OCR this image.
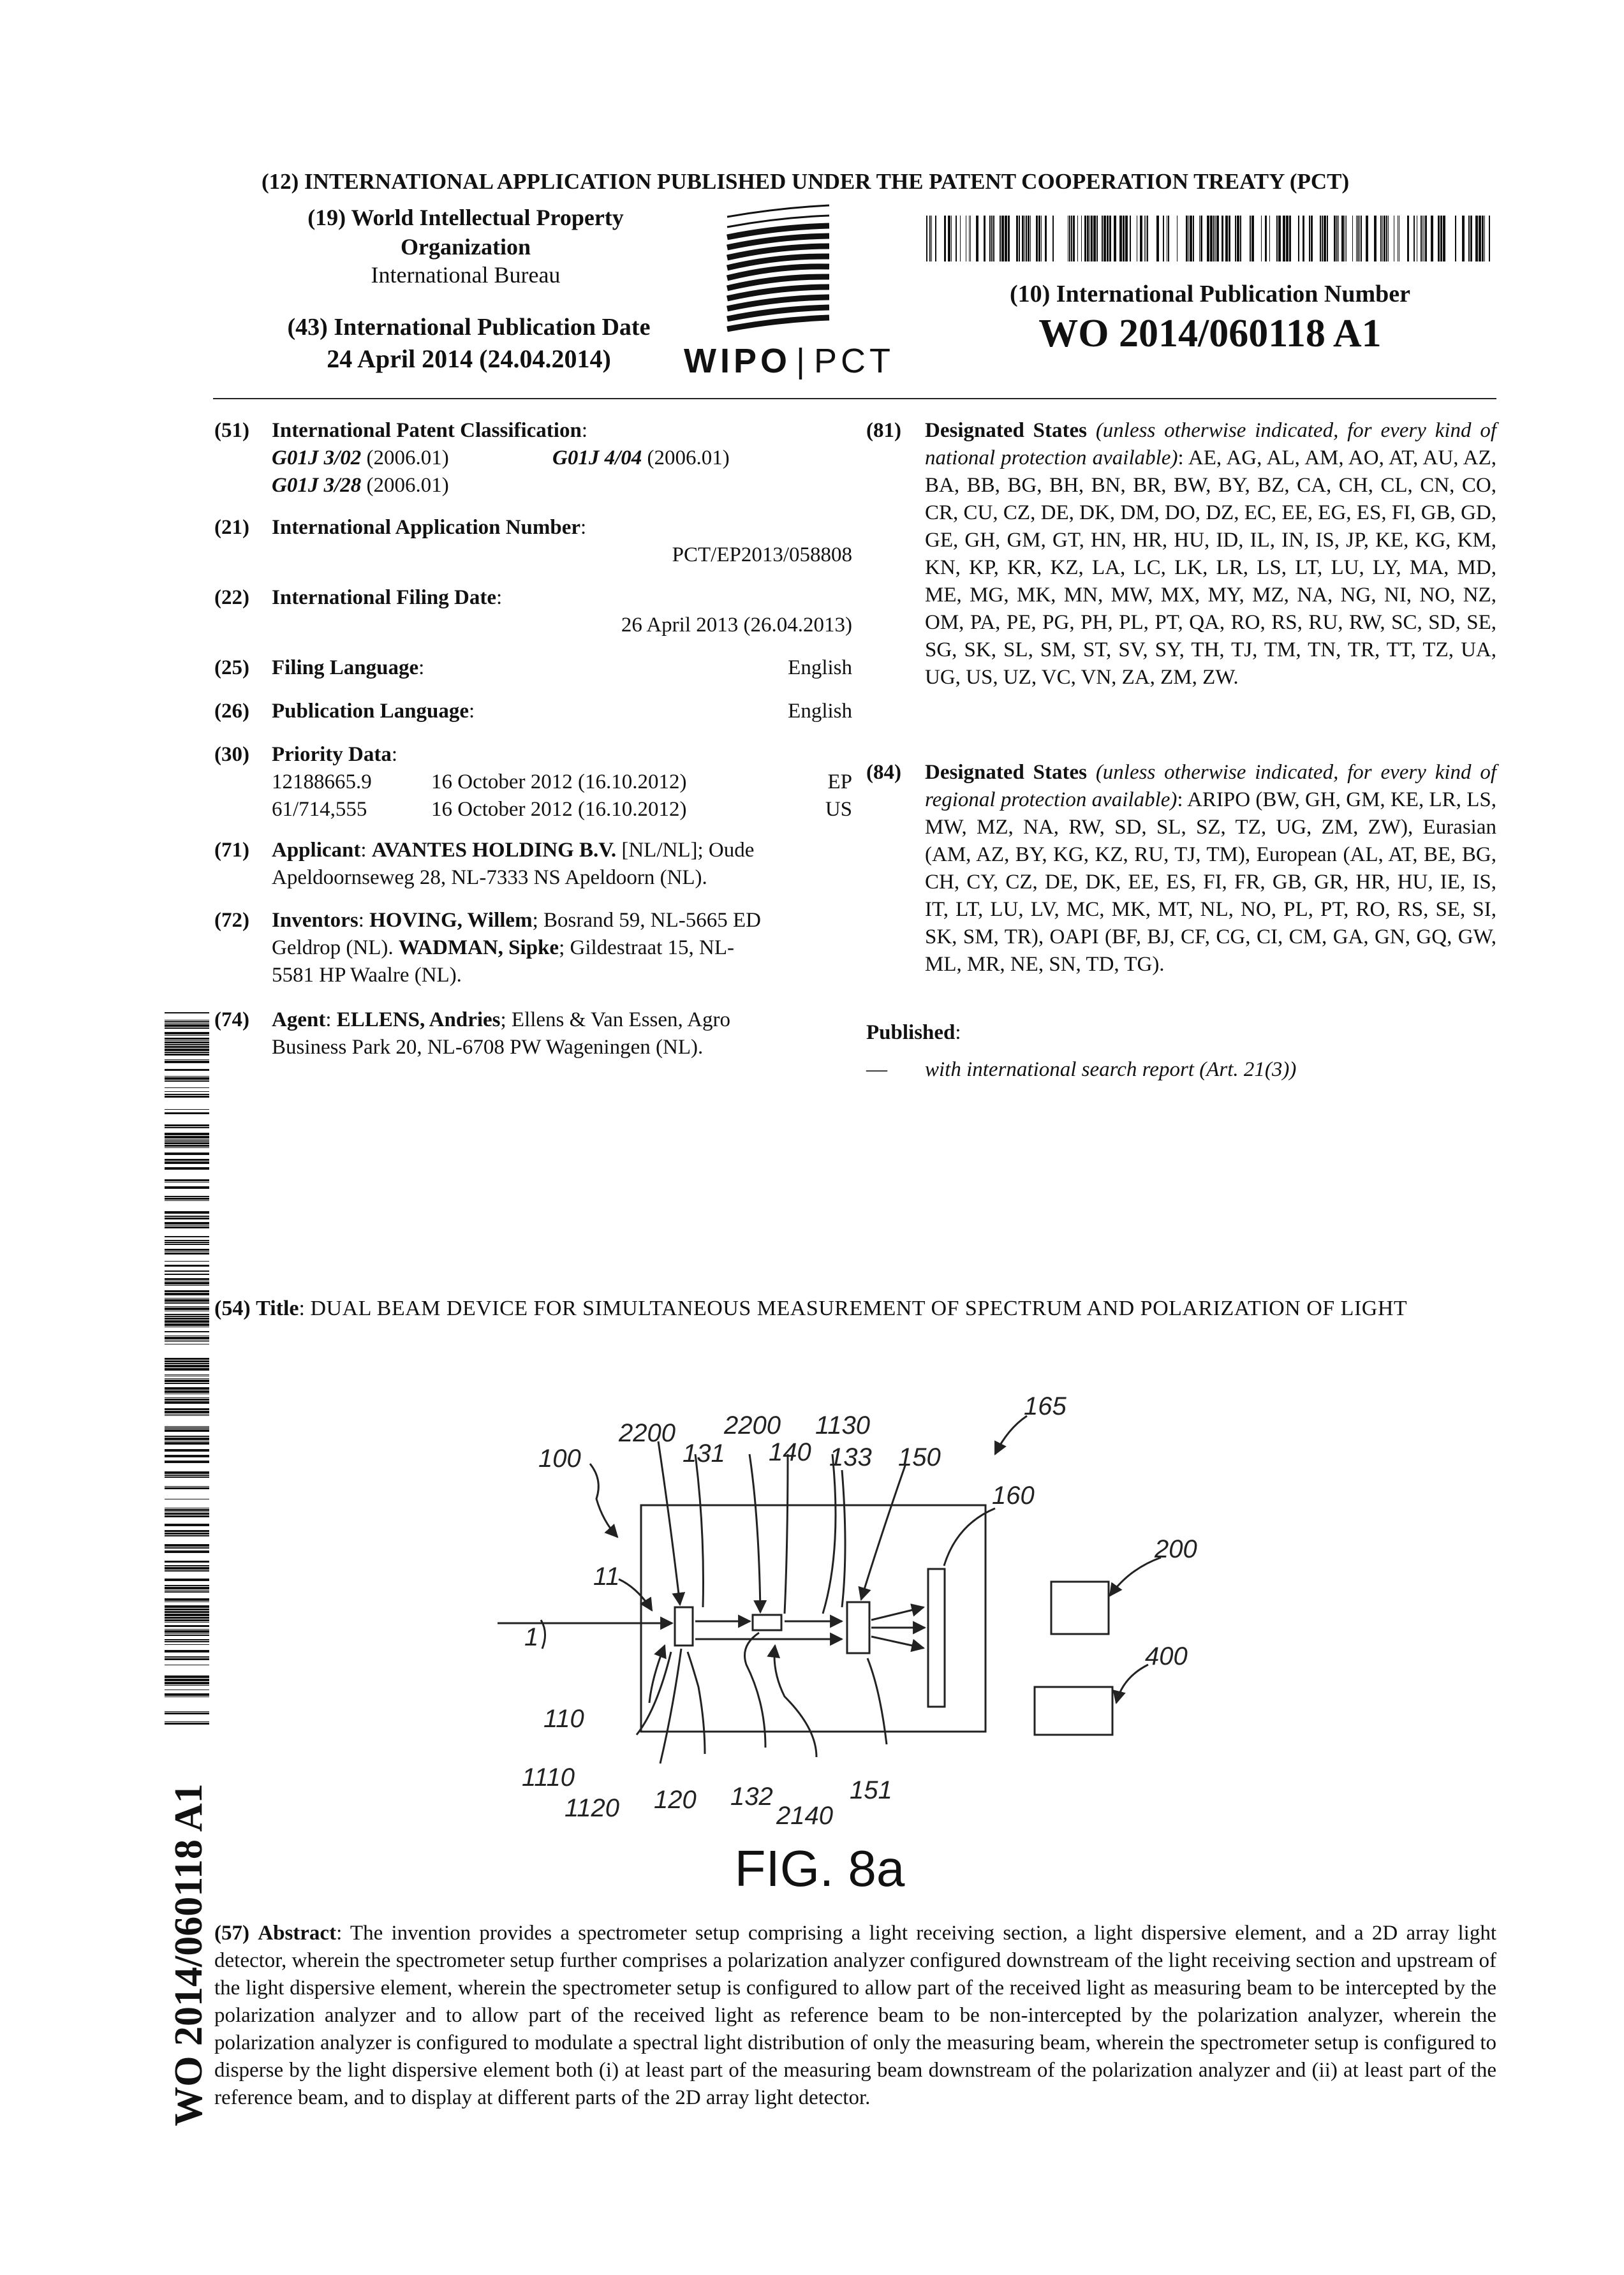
(12) INTERNATIONAL APPLICATION PUBLISHED UNDER THE PATENT COOPERATION TREATY (PCT)
(19) World Intellectual Property
Organization
International Bureau
(43) International Publication Date
24 April 2014 (24.04.2014)	WIPO | PCT
(10) International Publication Number
WO 2014/060118 A1
(51) International Patent Classification:
G01J 3/02 (2006.01)	G01J 4/04 (2006.01)
G01J 3/28 (2006.01)
(21) International Application Number:
PCT/EP2013/058808
(22) International Filing Date:
26 April 2013 (26.04.2013)
(25) Filing Language:	English
(26) Publication Language:	English
(30) Priority Data:
12188665.9	16 October 2012 (16.10.2012)	EP
61/714,555	16 October 2012 (16.10.2012)	US
(71) Applicant: AVANTES HOLDING B.V. [NL/NL]; Oude
Apeldoornseweg 28, NL-7333 NS Apeldoorn (NL).
(72) Inventors: HOVING, Willem; Bosrand 59, NL-5665 ED
Geldrop (NL). WADMAN, Sipke; Gildestraat 15, NL-
5581 HP Waalre (NL).
(74) Agent: ELLENS, Andries; Ellens & Van Essen, Agro
Business Park 20, NL-6708 PW Wageningen (NL).
(81) Designated States (unless otherwise indicated, for every kind of national protection available): AE, AG, AL, AM, AO, AT, AU, AZ, BA, BB, BG, BH, BN, BR, BW, BY, BZ, CA, CH, CL, CN, CO, CR, CU, CZ, DE, DK, DM, DO, DZ, EC, EE, EG, ES, FI, GB, GD, GE, GH, GM, GT, HN, HR, HU, ID, IL, IN, IS, JP, KE, KG, KM, KN, KP, KR, KZ, LA, LC, LK, LR, LS, LT, LU, LY, MA, MD, ME, MG, MK, MN, MW, MX, MY, MZ, NA, NG, NI, NO, NZ, OM, PA, PE, PG, PH, PL, PT, QA, RO, RS, RU, RW, SC, SD, SE, SG, SK, SL, SM, ST, SV, SY, TH, TJ, TM, TN, TR, TT, TZ, UA, UG, US, UZ, VC, VN, ZA, ZM, ZW.
(84) Designated States (unless otherwise indicated, for every kind of regional protection available): ARIPO (BW, GH, GM, KE, LR, LS, MW, MZ, NA, RW, SD, SL, SZ, TZ, UG, ZM, ZW), Eurasian (AM, AZ, BY, KG, KZ, RU, TJ, TM), European (AL, AT, BE, BG, CH, CY, CZ, DE, DK, EE, ES, FI, FR, GB, GR, HR, HU, IE, IS, IT, LT, LU, LV, MC, MK, MT, NL, NO, PL, PT, RO, RS, SE, SI, SK, SM, TR), OAPI (BF, BJ, CF, CG, CI, CM, GA, GN, GQ, GW, ML, MR, NE, SN, TD, TG).
Published:
—	with international search report (Art. 21(3))
WO 2014/060118 A1
(54) Title: DUAL BEAM DEVICE FOR SIMULTANEOUS MEASUREMENT OF SPECTRUM AND POLARIZATION OF LIGHT
100
11
1
110
1110
1120 120 132
2140
151
2200
131
2200
140
1130
133 150
165
160
200
400
FIG. 8a
(57) Abstract: The invention provides a spectrometer setup comprising a light receiving section, a light dispersive element, and a 2D array light detector, wherein the spectrometer setup further comprises a polarization analyzer configured downstream of the light receiving section and upstream of the light dispersive element, wherein the spectrometer setup is configured to allow part of the received light as measuring beam to be intercepted by the polarization analyzer and to allow part of the received light as reference beam to be non-intercepted by the polarization analyzer, wherein the polarization analyzer is configured to modulate a spectral light distribution of only the measuring beam, wherein the spectrometer setup is configured to disperse by the light dispersive element both (i) at least part of the measuring beam downstream of the polarization analyzer and (ii) at least part of the reference beam, and to display at different parts of the 2D array light detector.
